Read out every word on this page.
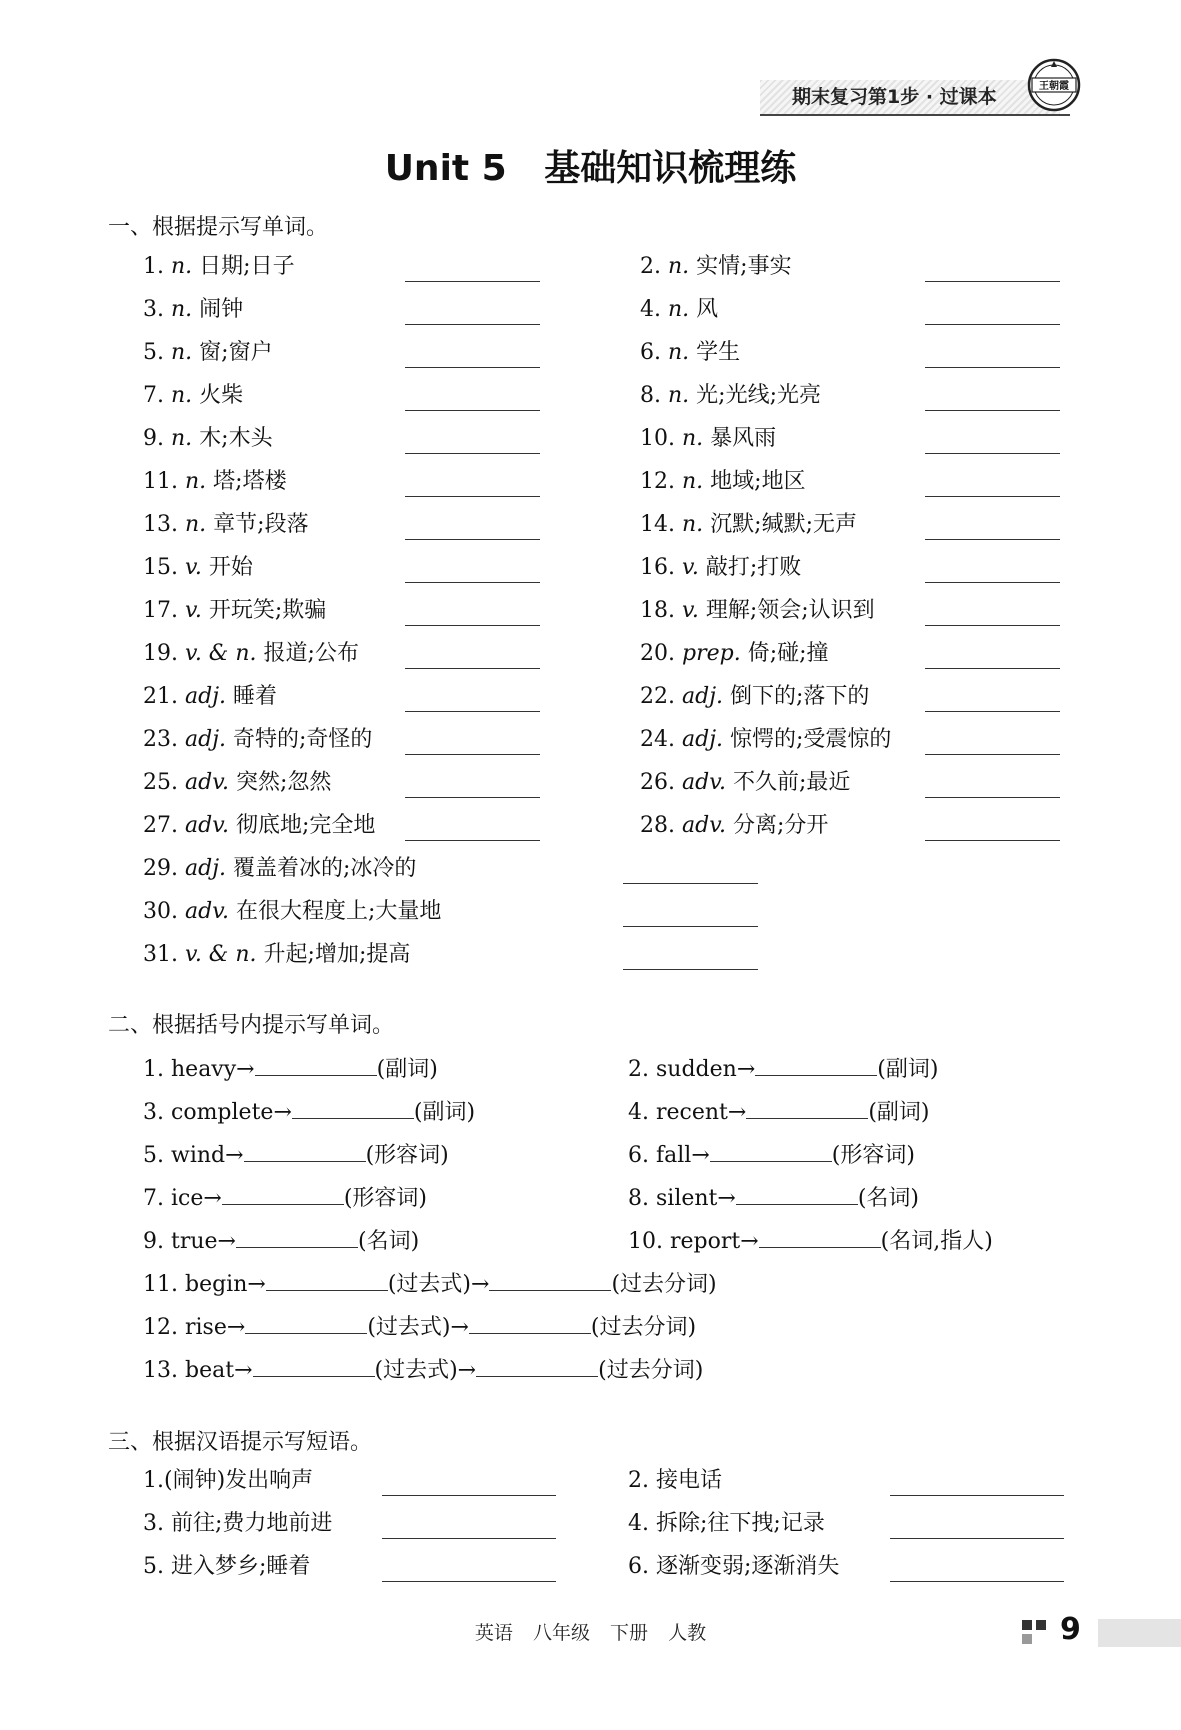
期末复习第1步 · 过课本	王朝霞
Unit 5   基础知识梳理练
一、根据提示写单词。
1. n. 日期;日子	2. n. 实情;事实
3. n. 闹钟	4. n. 风
5. n. 窗;窗户	6. n. 学生
7. n. 火柴	8. n. 光;光线;光亮
9. n. 木;木头	10. n. 暴风雨
11. n. 塔;塔楼	12. n. 地域;地区
13. n. 章节;段落	14. n. 沉默;缄默;无声
15. v. 开始	16. v. 敲打;打败
17. v. 开玩笑;欺骗	18. v. 理解;领会;认识到
19. v. & n. 报道;公布	20. prep. 倚;碰;撞
21. adj. 睡着	22. adj. 倒下的;落下的
23. adj. 奇特的;奇怪的	24. adj. 惊愕的;受震惊的
25. adv. 突然;忽然	26. adv. 不久前;最近
27. adv. 彻底地;完全地	28. adv. 分离;分开
29. adj. 覆盖着冰的;冰冷的
30. adv. 在很大程度上;大量地
31. v. & n. 升起;增加;提高
二、根据括号内提示写单词。
1. heavy→	(副词)	2. sudden→	(副词)
3. complete→	(副词)	4. recent→	(副词)
5. wind→	(形容词)	6. fall→	(形容词)
7. ice→	(形容词)	8. silent→	(名词)
9. true→	(名词)	10. report→	(名词,指人)
11. begin→	(过去式)→	(过去分词)
12. rise→	(过去式)→	(过去分词)
13. beat→	(过去式)→	(过去分词)
三、根据汉语提示写短语。
1.(闹钟)发出响声	2. 接电话
3. 前往;费力地前进	4. 拆除;往下拽;记录
5. 进入梦乡;睡着	6. 逐渐变弱;逐渐消失
英语 八年级 下册 人教	9
